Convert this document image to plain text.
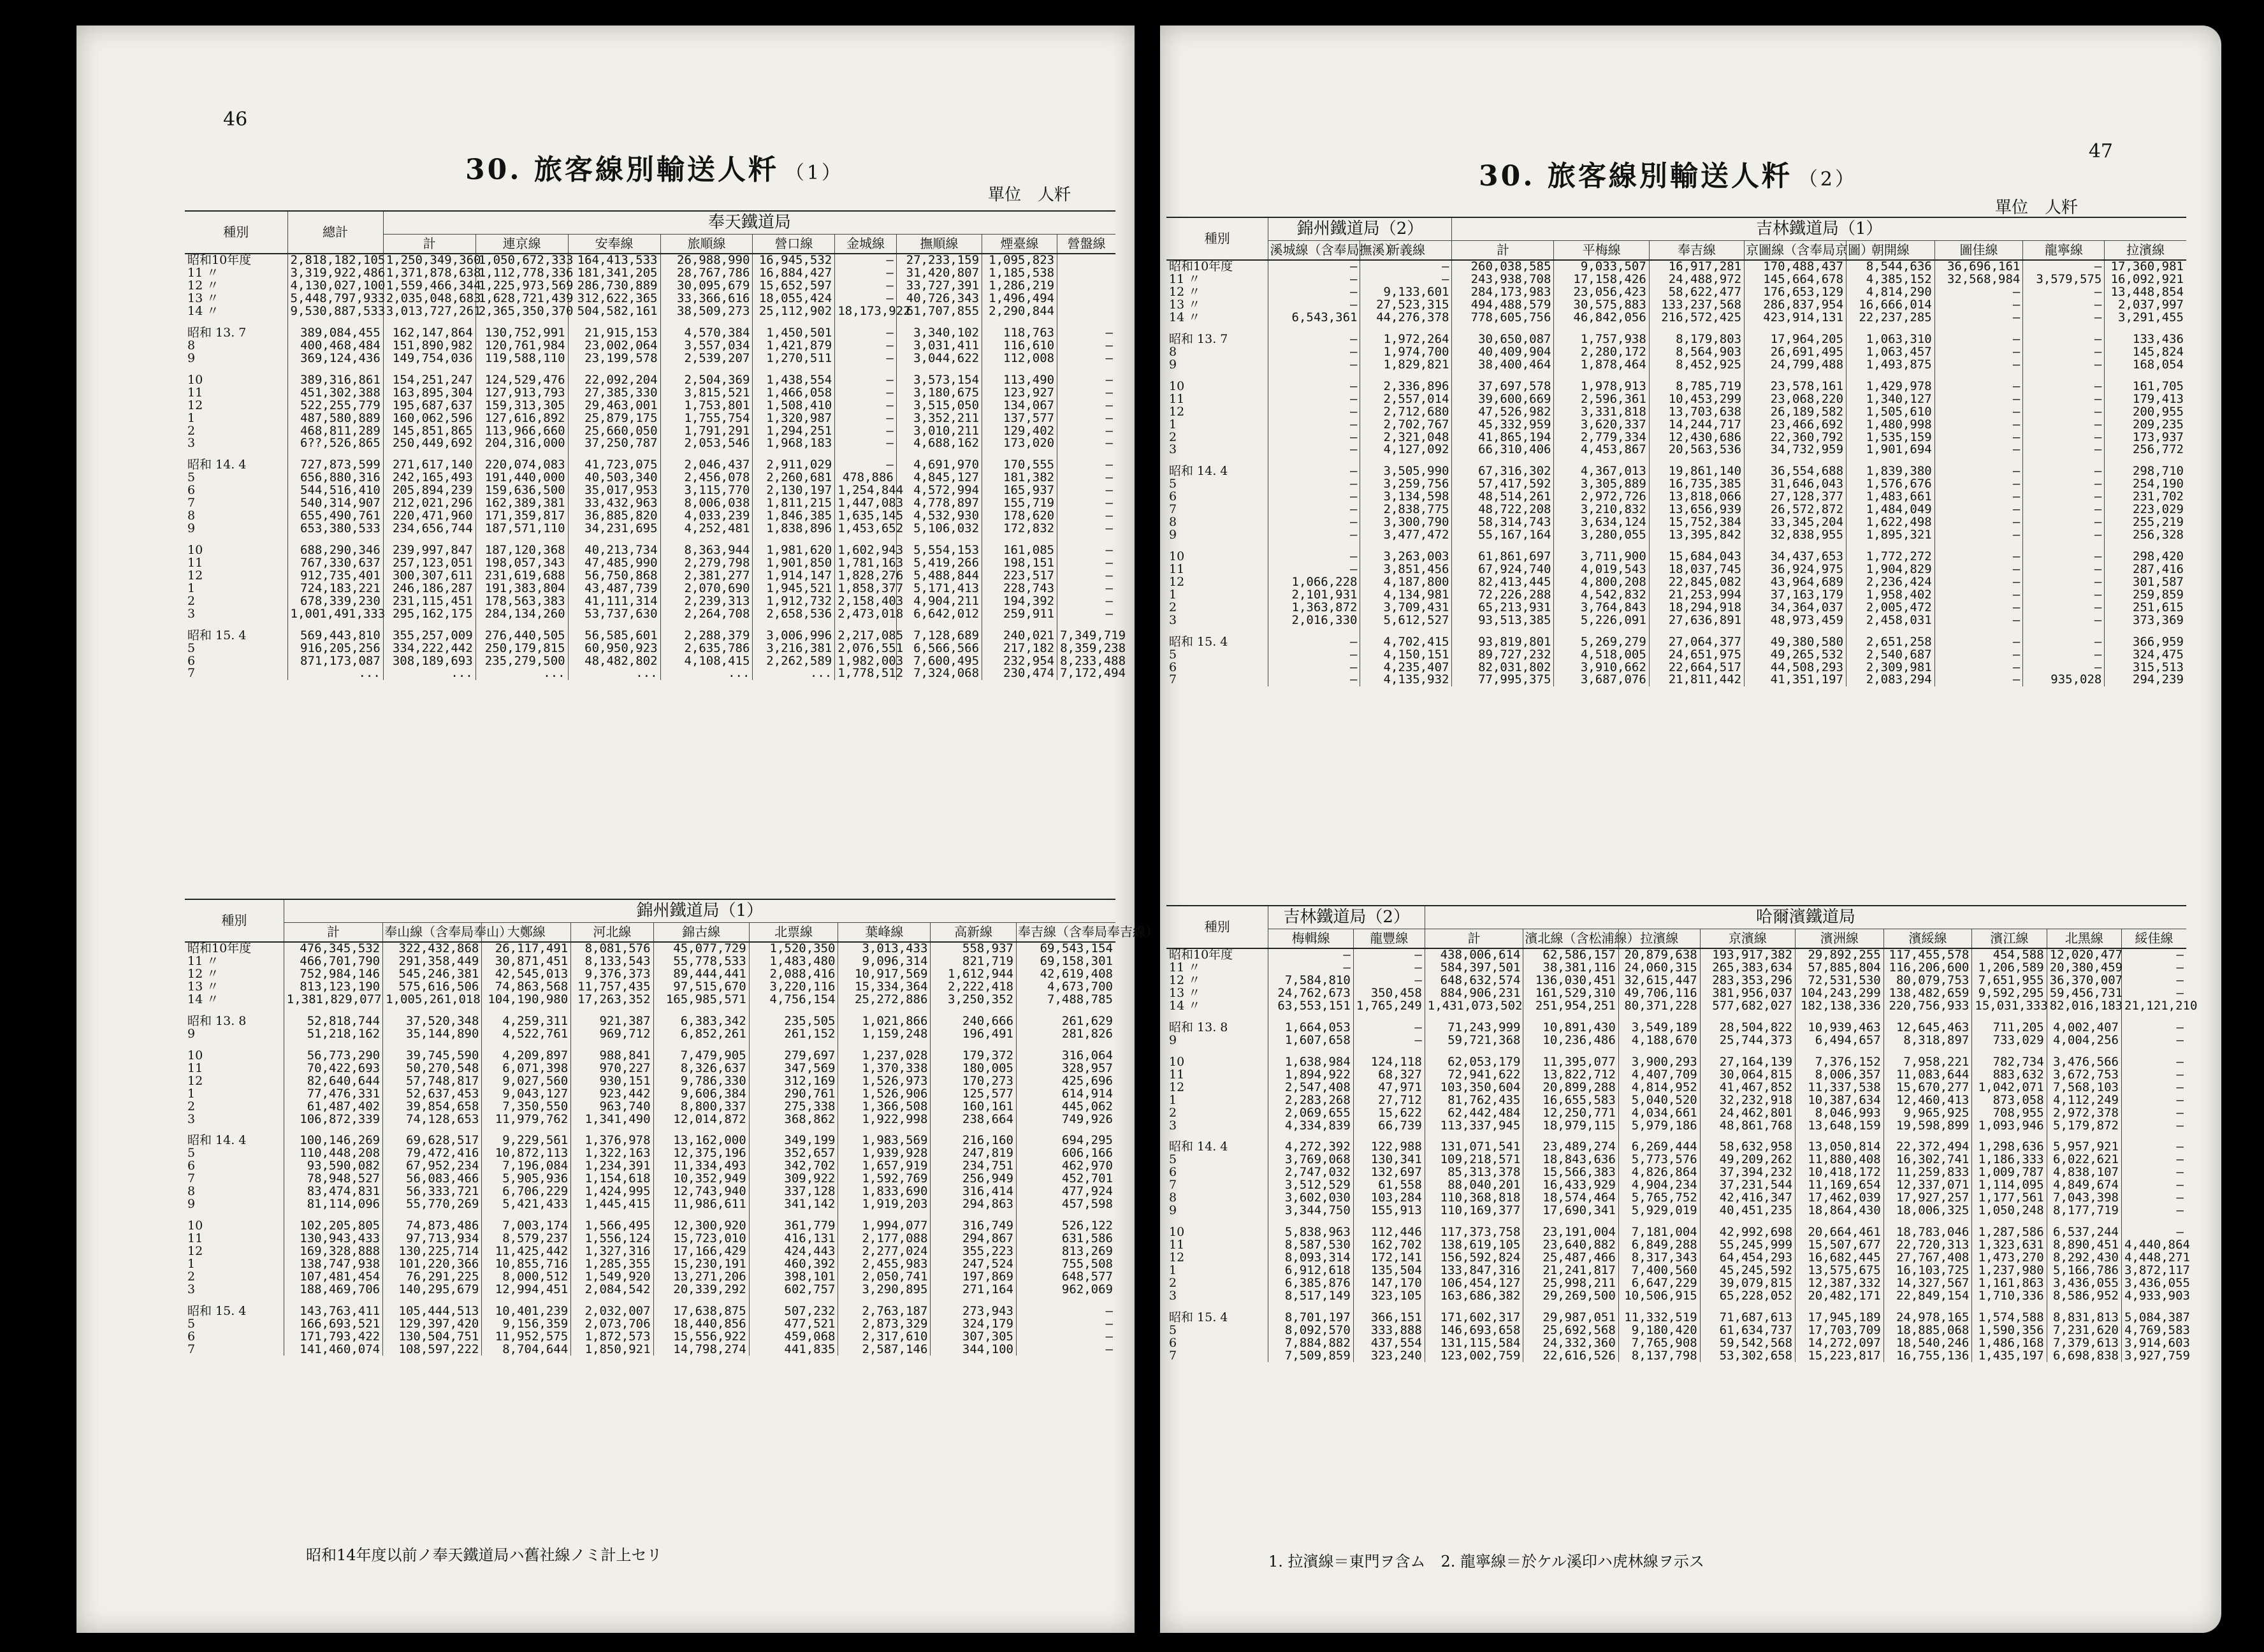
46
30. 旅客線別輸送人粁 （1）
單位　人粁
種別	總計	奉天鐵道局								
		計	連京線	安奉線	旅順線	營口線	金城線	撫順線	煙臺線	營盤線
昭和10年度	2,818,182,105	1,250,349,360	1,050,672,333	164,413,533	26,988,990	16,945,532	—	27,233,159	1,095,823	
11 〃	3,319,922,486	1,371,878,638	1,112,778,336	181,341,205	28,767,786	16,884,427	—	31,420,807	1,185,538	
12 〃	4,130,027,100	1,559,466,344	1,225,973,569	286,730,889	30,095,679	15,652,597	—	33,727,391	1,286,219	
13 〃	5,448,797,933	2,035,048,683	1,628,721,439	312,622,365	33,366,616	18,055,424	—	40,726,343	1,496,494	
14 〃	9,530,887,533	3,013,727,261	2,365,350,370	504,582,161	38,509,273	25,112,902	18,173,922	61,707,855	2,290,844	

昭和 13. 7	389,084,455	162,147,864	130,752,991	21,915,153	4,570,384	1,450,501	—	3,340,102	118,763	—
8	400,468,484	151,890,982	120,761,984	23,002,064	3,557,034	1,421,879	—	3,031,411	116,610	—
9	369,124,436	149,754,036	119,588,110	23,199,578	2,539,207	1,270,511	—	3,044,622	112,008	—

10	389,316,861	154,251,247	124,529,476	22,092,204	2,504,369	1,438,554	—	3,573,154	113,490	—
11	451,302,388	163,895,304	127,913,793	27,385,330	3,815,521	1,466,058	—	3,180,675	123,927	—
12	522,255,779	195,687,637	159,313,305	29,463,001	1,753,801	1,508,410	—	3,515,050	134,067	—
1	487,580,889	160,062,596	127,616,892	25,879,175	1,755,754	1,320,987	—	3,352,211	137,577	—
2	468,811,289	145,851,865	113,966,660	25,660,050	1,791,291	1,294,251	—	3,010,211	129,402	—
3	6??,526,865	250,449,692	204,316,000	37,250,787	2,053,546	1,968,183	—	4,688,162	173,020	—

昭和 14. 4	727,873,599	271,617,140	220,074,083	41,723,075	2,046,437	2,911,029	—	4,691,970	170,555	—
5	656,880,316	242,165,493	191,440,000	40,503,340	2,456,078	2,260,681	478,886	4,845,127	181,382	—
6	544,516,410	205,894,239	159,636,500	35,017,953	3,115,770	2,130,197	1,254,844	4,572,994	165,937	—
7	540,314,907	212,021,296	162,389,381	33,432,963	8,006,038	1,811,215	1,447,083	4,778,897	155,719	—
8	655,490,761	220,471,960	171,359,817	36,885,820	4,033,239	1,846,385	1,635,145	4,532,930	178,620	—
9	653,380,533	234,656,744	187,571,110	34,231,695	4,252,481	1,838,896	1,453,652	5,106,032	172,832	—

10	688,290,346	239,997,847	187,120,368	40,213,734	8,363,944	1,981,620	1,602,943	5,554,153	161,085	—
11	767,330,637	257,123,051	198,057,343	47,485,990	2,279,798	1,901,850	1,781,163	5,419,266	198,151	—
12	912,735,401	300,307,611	231,619,688	56,750,868	2,381,277	1,914,147	1,828,276	5,488,844	223,517	—
1	724,183,221	246,186,287	191,383,804	43,487,739	2,070,690	1,945,521	1,858,377	5,171,413	228,743	—
2	678,339,230	231,115,451	178,563,383	41,111,314	2,239,313	1,912,732	2,158,403	4,904,211	194,392	—
3	1,001,491,333	295,162,175	284,134,260	53,737,630	2,264,708	2,658,536	2,473,018	6,642,012	259,911	—

昭和 15. 4	569,443,810	355,257,009	276,440,505	56,585,601	2,288,379	3,006,996	2,217,085	7,128,689	240,021	7,349,719
5	916,205,256	334,222,442	250,179,815	60,950,923	2,635,786	3,216,381	2,076,551	6,566,566	217,182	8,359,238
6	871,173,087	308,189,693	235,279,500	48,482,802	4,108,415	2,262,589	1,982,003	7,600,495	232,954	8,233,488
7	...	...	...	...	...	...	1,778,512	7,324,068	230,474	7,172,494
種別	錦州鐵道局（1）								
	計	奉山線（含奉局奉山）	大鄭線	河北線	錦古線	北票線	葉峰線	高新線	奉吉線（含奉局奉吉線）
昭和10年度	476,345,532	322,432,868	26,117,491	8,081,576	45,077,729	1,520,350	3,013,433	558,937	69,543,154
11 〃	466,701,790	291,358,449	30,871,451	8,133,543	55,778,533	1,483,480	9,096,314	821,719	69,158,301
12 〃	752,984,146	545,246,381	42,545,013	9,376,373	89,444,441	2,088,416	10,917,569	1,612,944	42,619,408
13 〃	813,123,190	575,616,506	74,863,568	11,757,435	97,515,670	3,220,116	15,334,364	2,222,418	4,673,700
14 〃	1,381,829,077	1,005,261,018	104,190,980	17,263,352	165,985,571	4,756,154	25,272,886	3,250,352	7,488,785

昭和 13. 8	52,818,744	37,520,348	4,259,311	921,387	6,383,342	235,505	1,021,866	240,666	261,629
9	51,218,162	35,144,890	4,522,761	969,712	6,852,261	261,152	1,159,248	196,491	281,826

10	56,773,290	39,745,590	4,209,897	988,841	7,479,905	279,697	1,237,028	179,372	316,064
11	70,422,693	50,270,548	6,071,398	970,227	8,326,637	347,569	1,370,338	180,005	328,957
12	82,640,644	57,748,817	9,027,560	930,151	9,786,330	312,169	1,526,973	170,273	425,696
1	77,476,331	52,637,453	9,043,127	923,442	9,606,384	290,761	1,526,906	125,577	614,914
2	61,487,402	39,854,658	7,350,550	963,740	8,800,337	275,338	1,366,508	160,161	445,062
3	106,872,339	74,128,653	11,979,762	1,341,490	12,014,872	368,862	1,922,998	238,664	749,926

昭和 14. 4	100,146,269	69,628,517	9,229,561	1,376,978	13,162,000	349,199	1,983,569	216,160	694,295
5	110,448,208	79,472,416	10,872,113	1,322,163	12,375,196	352,657	1,939,928	247,819	606,166
6	93,590,082	67,952,234	7,196,084	1,234,391	11,334,493	342,702	1,657,919	234,751	462,970
7	78,948,527	56,083,466	5,905,936	1,154,618	10,352,949	309,922	1,592,769	256,949	452,701
8	83,474,831	56,333,721	6,706,229	1,424,995	12,743,940	337,128	1,833,690	316,414	477,924
9	81,114,096	55,770,269	5,421,433	1,445,415	11,986,611	341,142	1,919,203	294,863	457,598

10	102,205,805	74,873,486	7,003,174	1,566,495	12,300,920	361,779	1,994,077	316,749	526,122
11	130,943,433	97,713,934	8,579,237	1,556,124	15,723,010	416,131	2,177,088	294,867	631,586
12	169,328,888	130,225,714	11,425,442	1,327,316	17,166,429	424,443	2,277,024	355,223	813,269
1	138,747,938	101,220,366	10,855,716	1,285,355	15,230,191	460,392	2,455,983	247,524	755,508
2	107,481,454	76,291,225	8,000,512	1,549,920	13,271,206	398,101	2,050,741	197,869	648,577
3	188,469,706	140,295,679	12,994,451	2,084,542	20,339,292	602,757	3,290,895	271,164	962,069

昭和 15. 4	143,763,411	105,444,513	10,401,239	2,032,007	17,638,875	507,232	2,763,187	273,943	—
5	166,693,521	129,397,420	9,156,359	2,073,706	18,440,856	477,521	2,873,329	324,179	—
6	171,793,422	130,504,751	11,952,575	1,872,573	15,556,922	459,068	2,317,610	307,305	—
7	141,460,074	108,597,222	8,704,644	1,850,921	14,798,274	441,835	2,587,146	344,100	—
昭和14年度以前ノ奉天鐵道局ハ舊社線ノミ計上セリ
47
30. 旅客線別輸送人粁 （2）
單位　人粁
種別	錦州鐵道局（2）		吉林鐵道局（1）							
	溪城線（含奉局撫溪）	新義線	計	平梅線	奉吉線	京圖線（含奉局京圖）	朝開線	圖佳線	龍寧線	拉濱線
昭和10年度	—	—	260,038,585	9,033,507	16,917,281	170,488,437	8,544,636	36,696,161	—	17,360,981
11 〃	—	—	243,938,708	17,158,426	24,488,972	145,664,678	4,385,152	32,568,984	3,579,575	16,092,921
12 〃	—	9,133,601	284,173,983	23,056,423	58,622,477	176,653,129	4,814,290	—	—	13,448,854
13 〃	—	27,523,315	494,488,579	30,575,883	133,237,568	286,837,954	16,666,014	—	—	2,037,997
14 〃	6,543,361	44,276,378	778,605,756	46,842,056	216,572,425	423,914,131	22,237,285	—	—	3,291,455

昭和 13. 7	—	1,972,264	30,650,087	1,757,938	8,179,803	17,964,205	1,063,310	—	—	133,436
8	—	1,974,700	40,409,904	2,280,172	8,564,903	26,691,495	1,063,457	—	—	145,824
9	—	1,829,821	38,400,464	1,878,464	8,452,925	24,799,488	1,493,875	—	—	168,054

10	—	2,336,896	37,697,578	1,978,913	8,785,719	23,578,161	1,429,978	—	—	161,705
11	—	2,557,014	39,600,669	2,596,361	10,453,299	23,068,220	1,340,127	—	—	179,413
12	—	2,712,680	47,526,982	3,331,818	13,703,638	26,189,582	1,505,610	—	—	200,955
1	—	2,702,767	45,332,959	3,620,337	14,244,717	23,466,692	1,480,998	—	—	209,235
2	—	2,321,048	41,865,194	2,779,334	12,430,686	22,360,792	1,535,159	—	—	173,937
3	—	4,127,092	66,310,406	4,453,867	20,563,536	34,732,959	1,901,694	—	—	256,772

昭和 14. 4	—	3,505,990	67,316,302	4,367,013	19,861,140	36,554,688	1,839,380	—	—	298,710
5	—	3,259,756	57,417,592	3,305,889	16,735,385	31,646,043	1,576,676	—	—	254,190
6	—	3,134,598	48,514,261	2,972,726	13,818,066	27,128,377	1,483,661	—	—	231,702
7	—	2,838,775	48,722,208	3,210,832	13,656,939	26,572,872	1,484,049	—	—	223,029
8	—	3,300,790	58,314,743	3,634,124	15,752,384	33,345,204	1,622,498	—	—	255,219
9	—	3,477,472	55,167,164	3,280,055	13,395,842	32,838,955	1,895,321	—	—	256,328

10	—	3,263,003	61,861,697	3,711,900	15,684,043	34,437,653	1,772,272	—	—	298,420
11	—	3,851,456	67,924,740	4,019,543	18,037,745	36,924,975	1,904,829	—	—	287,416
12	1,066,228	4,187,800	82,413,445	4,800,208	22,845,082	43,964,689	2,236,424	—	—	301,587
1	2,101,931	4,134,981	72,226,288	4,542,832	21,253,994	37,163,179	1,958,402	—	—	259,859
2	1,363,872	3,709,431	65,213,931	3,764,843	18,294,918	34,364,037	2,005,472	—	—	251,615
3	2,016,330	5,612,527	93,513,385	5,226,091	27,636,891	48,973,459	2,458,031	—	—	373,369

昭和 15. 4	—	4,702,415	93,819,801	5,269,279	27,064,377	49,380,580	2,651,258	—	—	366,959
5	—	4,150,151	89,727,232	4,518,005	24,651,975	49,265,532	2,540,687	—	—	324,475
6	—	4,235,407	82,031,802	3,910,662	22,664,517	44,508,293	2,309,981	—	—	315,513
7	—	4,135,932	77,995,375	3,687,076	21,811,442	41,351,197	2,083,294	—	935,028	294,239
種別	吉林鐵道局（2）		哈爾濱鐵道局								
	梅輯線	龍豐線	計	濱北線（含松浦線）	拉濱線	京濱線	濱洲線	濱綏線	濱江線	北黑線	綏佳線
昭和10年度	—	—	438,006,614	62,586,157	20,879,638	193,917,382	29,892,255	117,455,578	454,588	12,020,477	—
11 〃	—	—	584,397,501	38,381,116	24,060,315	265,383,634	57,885,804	116,206,600	1,206,589	20,380,459	—
12 〃	7,584,810	—	648,632,574	136,030,451	32,615,447	283,353,296	72,531,530	80,079,753	7,651,955	36,370,007	—
13 〃	24,762,673	350,458	884,906,231	161,529,310	49,706,116	381,956,037	104,243,299	138,482,659	9,592,295	59,456,731	—
14 〃	63,553,151	1,765,249	1,431,073,502	251,954,251	80,371,228	577,682,027	182,138,336	220,756,933	15,031,333	82,016,183	21,121,210

昭和 13. 8	1,664,053	—	71,243,999	10,891,430	3,549,189	28,504,822	10,939,463	12,645,463	711,205	4,002,407	—
9	1,607,658	—	59,721,368	10,236,486	4,188,670	25,744,373	6,494,657	8,318,897	733,029	4,004,256	—

10	1,638,984	124,118	62,053,179	11,395,077	3,900,293	27,164,139	7,376,152	7,958,221	782,734	3,476,566	—
11	1,894,922	68,327	72,941,622	13,822,712	4,407,709	30,064,815	8,006,357	11,083,644	883,632	3,672,753	—
12	2,547,408	47,971	103,350,604	20,899,288	4,814,952	41,467,852	11,337,538	15,670,277	1,042,071	7,568,103	—
1	2,283,268	27,712	81,762,435	16,655,583	5,040,520	32,232,918	10,387,634	12,460,413	873,058	4,112,249	—
2	2,069,655	15,622	62,442,484	12,250,771	4,034,661	24,462,801	8,046,993	9,965,925	708,955	2,972,378	—
3	4,334,839	66,739	113,337,945	18,979,115	5,979,186	48,861,768	13,648,159	19,598,899	1,093,946	5,179,872	—

昭和 14. 4	4,272,392	122,988	131,071,541	23,489,274	6,269,444	58,632,958	13,050,814	22,372,494	1,298,636	5,957,921	—
5	3,769,068	130,341	109,218,571	18,843,636	5,773,576	49,209,262	11,880,408	16,302,741	1,186,333	6,022,621	—
6	2,747,032	132,697	85,313,378	15,566,383	4,826,864	37,394,232	10,418,172	11,259,833	1,009,787	4,838,107	—
7	3,512,529	61,558	88,040,201	16,433,929	4,904,234	37,231,544	11,169,654	12,337,071	1,114,095	4,849,674	—
8	3,602,030	103,284	110,368,818	18,574,464	5,765,752	42,416,347	17,462,039	17,927,257	1,177,561	7,043,398	—
9	3,344,750	155,913	110,169,377	17,690,341	5,929,019	40,451,235	18,864,430	18,006,325	1,050,248	8,177,719	—

10	5,838,963	112,446	117,373,758	23,191,004	7,181,004	42,992,698	20,664,461	18,783,046	1,287,586	6,537,244	—
11	8,587,530	162,702	138,619,105	23,640,882	6,849,288	55,245,999	15,507,677	22,720,313	1,323,631	8,890,451	4,440,864
12	8,093,314	172,141	156,592,824	25,487,466	8,317,343	64,454,293	16,682,445	27,767,408	1,473,270	8,292,430	4,448,271
1	6,912,618	135,504	133,847,316	21,241,817	7,400,560	45,245,592	13,575,675	16,103,725	1,237,980	5,166,786	3,872,117
2	6,385,876	147,170	106,454,127	25,998,211	6,647,229	39,079,815	12,387,332	14,327,567	1,161,863	3,436,055	3,436,055
3	8,517,149	323,105	163,686,382	29,269,500	10,506,915	65,228,052	20,482,171	22,849,154	1,710,336	8,586,952	4,933,903

昭和 15. 4	8,701,197	366,151	171,602,317	29,987,051	11,332,519	71,687,613	17,945,189	24,978,165	1,574,588	8,831,813	5,084,387
5	8,092,570	333,888	146,693,658	25,692,568	9,180,420	61,634,737	17,703,709	18,885,068	1,590,356	7,231,620	4,769,583
6	7,884,882	437,554	131,115,584	24,332,360	7,765,908	59,542,568	14,272,097	18,540,246	1,486,168	7,379,613	3,914,603
7	7,509,859	323,240	123,002,759	22,616,526	8,137,798	53,302,658	15,223,817	16,755,136	1,435,197	6,698,838	3,927,759
1. 拉濱線＝東門ヲ含ム　2. 龍寧線＝於ケル溪印ハ虎林線ヲ示ス
